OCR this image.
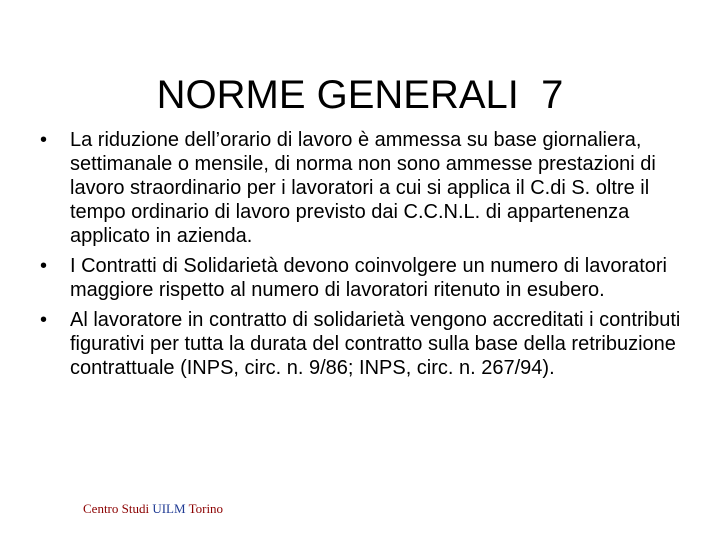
NORME GENERALI  7
•	La riduzione dell’orario di lavoro è ammessa su base giornaliera, settimanale o mensile, di norma non sono ammesse prestazioni di lavoro straordinario per i lavoratori a cui si applica il C.di S. oltre il tempo ordinario di lavoro previsto dai C.C.N.L. di appartenenza applicato in azienda.
•	I Contratti di Solidarietà devono coinvolgere un numero di lavoratori maggiore rispetto al numero di lavoratori ritenuto in esubero.
•	Al lavoratore in contratto di solidarietà vengono accreditati i contributi figurativi per tutta la durata del contratto sulla base della retribuzione contrattuale (INPS, circ. n. 9/86; INPS, circ. n. 267/94).
Centro Studi UILM Torino
